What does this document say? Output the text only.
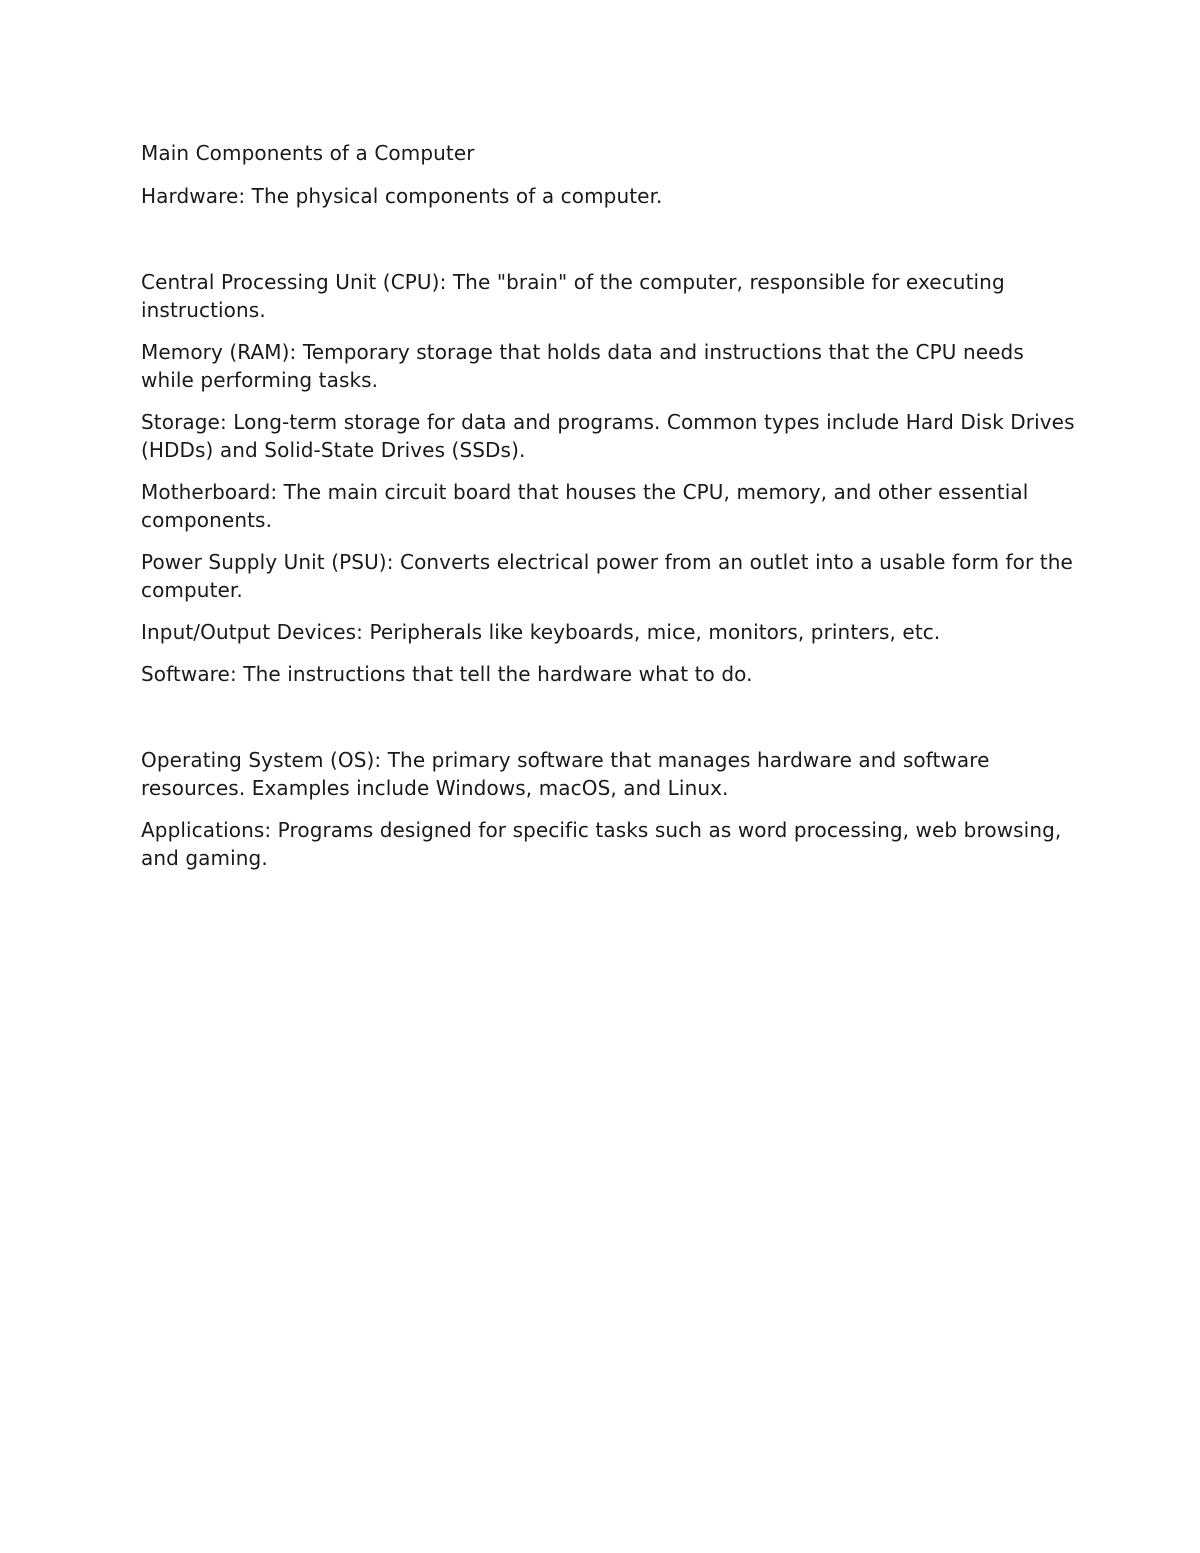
Main Components of a Computer

Hardware: The physical components of a computer.

Central Processing Unit (CPU): The "brain" of the computer, responsible for executing instructions.

Memory (RAM): Temporary storage that holds data and instructions that the CPU needs while performing tasks.

Storage: Long-term storage for data and programs. Common types include Hard Disk Drives (HDDs) and Solid-State Drives (SSDs).

Motherboard: The main circuit board that houses the CPU, memory, and other essential components.

Power Supply Unit (PSU): Converts electrical power from an outlet into a usable form for the computer.

Input/Output Devices: Peripherals like keyboards, mice, monitors, printers, etc.

Software: The instructions that tell the hardware what to do.

Operating System (OS): The primary software that manages hardware and software resources. Examples include Windows, macOS, and Linux.

Applications: Programs designed for specific tasks such as word processing, web browsing, and gaming.
